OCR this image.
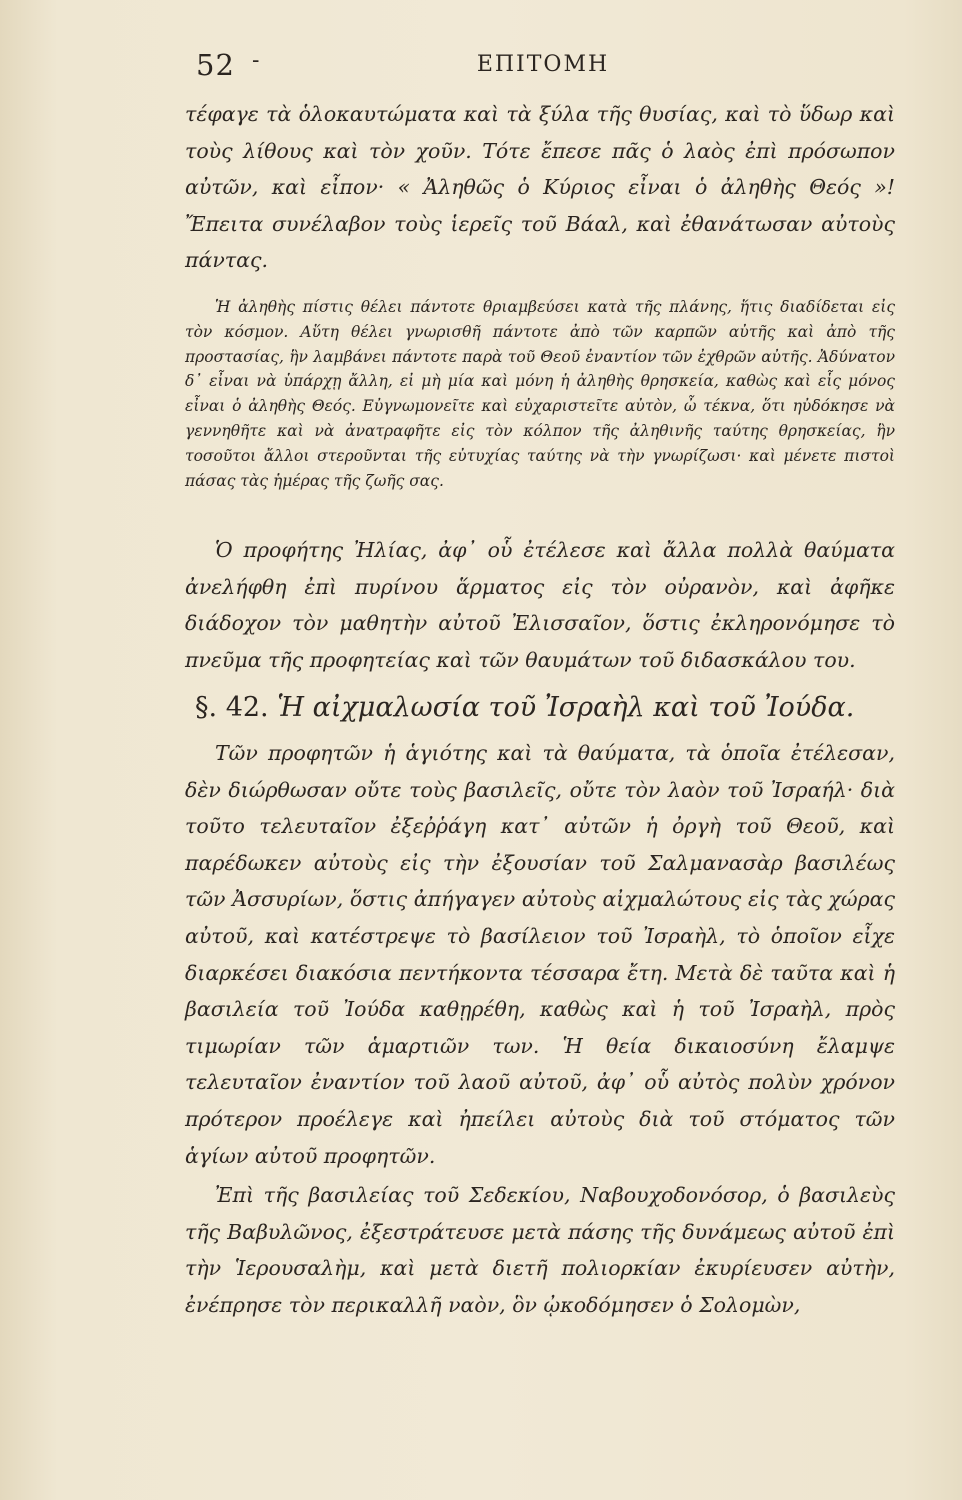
52 -	ΕΠΙΤΟΜΗ

τέφαγε τὰ ὁλοκαυτώματα καὶ τὰ ξύλα τῆς θυσίας, καὶ τὸ ὕδωρ καὶ τοὺς λίθους καὶ τὸν χοῦν. Τότε ἔπεσε πᾶς ὁ λαὸς ἐπὶ πρόσωπον αὐτῶν, καὶ εἶπον· « Ἀληθῶς ὁ Κύριος εἶναι ὁ ἀληθὴς Θεός »! Ἔπειτα συνέλαβον τοὺς ἱερεῖς τοῦ Βάαλ, καὶ ἐθανάτωσαν αὐτοὺς πάντας.

Ἡ ἀληθὴς πίστις θέλει πάντοτε θριαμβεύσει κατὰ τῆς πλάνης, ἥτις διαδίδεται εἰς τὸν κόσμον. Αὕτη θέλει γνωρισθῆ πάντοτε ἀπὸ τῶν καρπῶν αὐτῆς καὶ ἀπὸ τῆς προστασίας, ἣν λαμβάνει πάντοτε παρὰ τοῦ Θεοῦ ἐναντίον τῶν ἐχθρῶν αὐτῆς. Ἀδύνατον δ᾿ εἶναι νὰ ὑπάρχῃ ἄλλη, εἰ μὴ μία καὶ μόνη ἡ ἀληθὴς θρησκεία, καθὼς καὶ εἷς μόνος εἶναι ὁ ἀληθὴς Θεός. Εὐγνωμονεῖτε καὶ εὐχαριστεῖτε αὐτὸν, ὦ τέκνα, ὅτι ηὐδόκησε νὰ γεννηθῆτε καὶ νὰ ἀνατραφῆτε εἰς τὸν κόλπον τῆς ἀληθινῆς ταύτης θρησκείας, ἣν τοσοῦτοι ἄλλοι στεροῦνται τῆς εὐτυχίας ταύτης νὰ τὴν γνωρίζωσι· καὶ μένετε πιστοὶ πάσας τὰς ἡμέρας τῆς ζωῆς σας.

Ὁ προφήτης Ἠλίας, ἀφ᾿ οὗ ἐτέλεσε καὶ ἄλλα πολλὰ θαύματα ἀνελήφθη ἐπὶ πυρίνου ἅρματος εἰς τὸν οὐρανὸν, καὶ ἀφῆκε διάδοχον τὸν μαθητὴν αὐτοῦ Ἐλισσαῖον, ὅστις ἐκληρονόμησε τὸ πνεῦμα τῆς προφητείας καὶ τῶν θαυμάτων τοῦ διδασκάλου του.

§. 42. Ἡ αἰχμαλωσία τοῦ Ἰσραὴλ καὶ τοῦ Ἰούδα.

Τῶν προφητῶν ἡ ἁγιότης καὶ τὰ θαύματα, τὰ ὁποῖα ἐτέλεσαν, δὲν διώρθωσαν οὔτε τοὺς βασιλεῖς, οὔτε τὸν λαὸν τοῦ Ἰσραήλ· διὰ τοῦτο τελευταῖον ἐξεῤῥάγη κατ᾿ αὐτῶν ἡ ὀργὴ τοῦ Θεοῦ, καὶ παρέδωκεν αὐτοὺς εἰς τὴν ἐξουσίαν τοῦ Σαλμανασὰρ βασιλέως τῶν Ἀσσυρίων, ὅστις ἀπήγαγεν αὐτοὺς αἰχμαλώτους εἰς τὰς χώρας αὐτοῦ, καὶ κατέστρεψε τὸ βασίλειον τοῦ Ἰσραὴλ, τὸ ὁποῖον εἶχε διαρκέσει διακόσια πεντήκοντα τέσσαρα ἔτη. Μετὰ δὲ ταῦτα καὶ ἡ βασιλεία τοῦ Ἰούδα καθῃρέθη, καθὼς καὶ ἡ τοῦ Ἰσραὴλ, πρὸς τιμωρίαν τῶν ἁμαρτιῶν των. Ἡ θεία δικαιοσύνη ἔλαμψε τελευταῖον ἐναντίον τοῦ λαοῦ αὐτοῦ, ἀφ᾿ οὗ αὐτὸς πολὺν χρόνον πρότερον προέλεγε καὶ ἠπείλει αὐτοὺς διὰ τοῦ στόματος τῶν ἁγίων αὐτοῦ προφητῶν.

Ἐπὶ τῆς βασιλείας τοῦ Σεδεκίου, Ναβουχοδονόσορ, ὁ βασιλεὺς τῆς Βαβυλῶνος, ἐξεστράτευσε μετὰ πάσης τῆς δυνάμεως αὐτοῦ ἐπὶ τὴν Ἱερουσαλὴμ, καὶ μετὰ διετῆ πολιορκίαν ἐκυρίευσεν αὐτὴν, ἐνέπρησε τὸν περικαλλῆ ναὸν, ὃν ᾠκοδόμησεν ὁ Σολομὼν,
